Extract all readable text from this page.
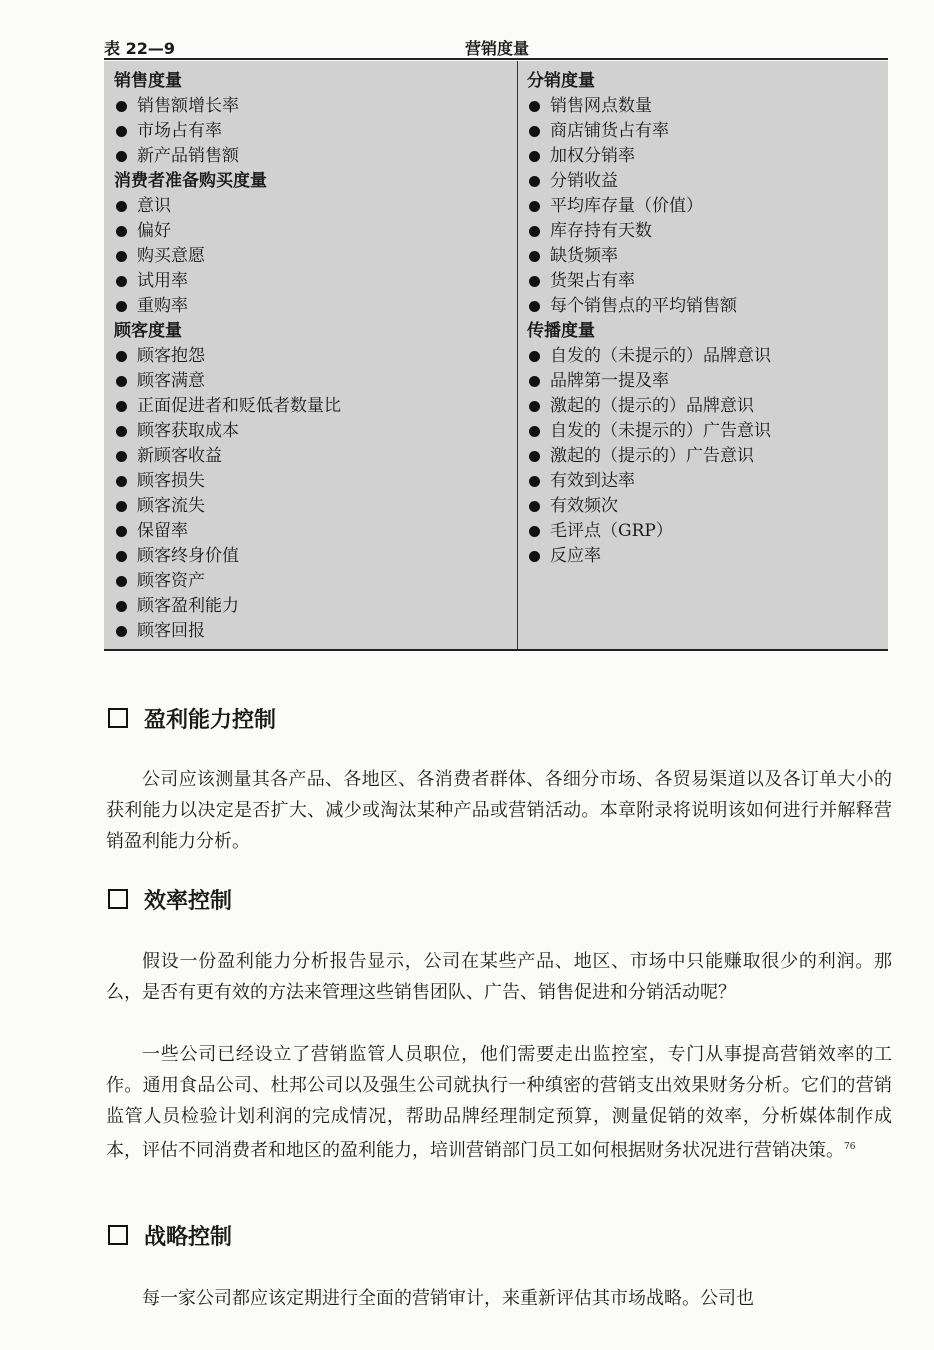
表 22—9	营销度量
销售度量
销售额增长率
市场占有率
新产品销售额
消费者准备购买度量
意识
偏好
购买意愿
试用率
重购率
顾客度量
顾客抱怨
顾客满意
正面促进者和贬低者数量比
顾客获取成本
新顾客收益
顾客损失
顾客流失
保留率
顾客终身价值
顾客资产
顾客盈利能力
顾客回报
分销度量
销售网点数量
商店铺货占有率
加权分销率
分销收益
平均库存量（价值）
库存持有天数
缺货频率
货架占有率
每个销售点的平均销售额
传播度量
自发的（未提示的）品牌意识
品牌第一提及率
激起的（提示的）品牌意识
自发的（未提示的）广告意识
激起的（提示的）广告意识
有效到达率
有效频次
毛评点（GRP）
反应率
盈利能力控制

公司应该测量其各产品、各地区、各消费者群体、各细分市场、各贸易渠道以及各订单大小的获利能力以决定是否扩大、减少或淘汰某种产品或营销活动。本章附录将说明该如何进行并解释营销盈利能力分析。

效率控制

假设一份盈利能力分析报告显示，公司在某些产品、地区、市场中只能赚取很少的利润。那么，是否有更有效的方法来管理这些销售团队、广告、销售促进和分销活动呢？

一些公司已经设立了营销监管人员职位，他们需要走出监控室，专门从事提高营销效率的工作。通用食品公司、杜邦公司以及强生公司就执行一种缜密的营销支出效果财务分析。它们的营销监管人员检验计划利润的完成情况，帮助品牌经理制定预算，测量促销的效率，分析媒体制作成本，评估不同消费者和地区的盈利能力，培训营销部门员工如何根据财务状况进行营销决策。$^{76}$

战略控制

每一家公司都应该定期进行全面的营销审计，来重新评估其市场战略。公司也
